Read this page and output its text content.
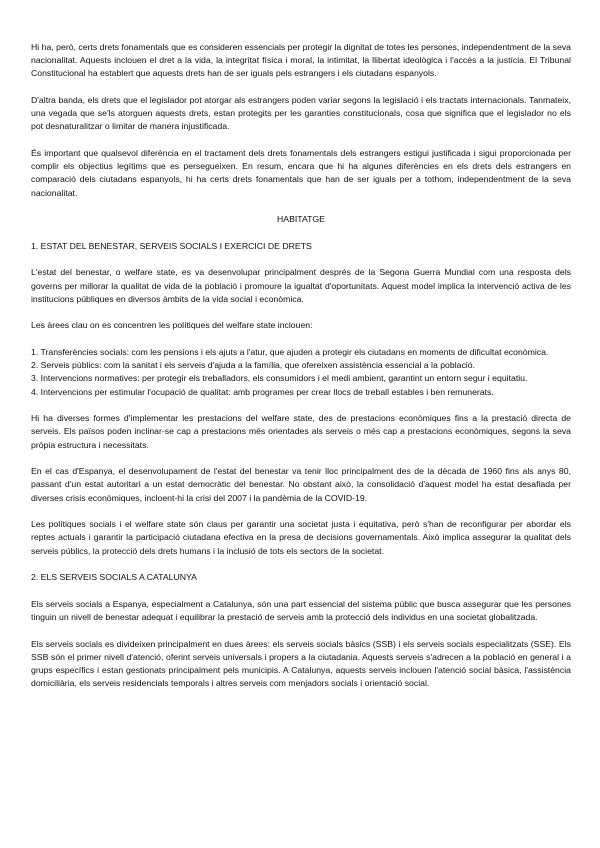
Hi ha, però, certs drets fonamentals que es consideren essencials per protegir la dignitat de totes les persones, independentment de la seva nacionalitat. Aquests inclouen el dret a la vida, la integritat física i moral, la intimitat, la llibertat ideològica i l'accés a la justícia. El Tribunal Constitucional ha establert que aquests drets han de ser iguals pels estrangers i els ciutadans espanyols.

D'altra banda, els drets que el legislador pot atorgar als estrangers poden variar segons la legislació i els tractats internacionals. Tanmateix, una vegada que se'ls atorguen aquests drets, estan protegits per les garanties constitucionals, cosa que significa que el legislador no els pot desnaturalitzar o limitar de manera injustificada.

És important que qualsevol diferència en el tractament dels drets fonamentals dels estrangers estigui justificada i sigui proporcionada per complir els objectius legítims que es persegueixen. En resum, encara que hi ha algunes diferències en els drets dels estrangers en comparació dels ciutadans espanyols, hi ha certs drets fonamentals que han de ser iguals per a tothom, independentment de la seva nacionalitat.

HABITATGE

1. ESTAT DEL BENESTAR, SERVEIS SOCIALS I EXERCICI DE DRETS

L'estat del benestar, o welfare state, es va desenvolupar principalment després de la Segona Guerra Mundial com una resposta dels governs per millorar la qualitat de vida de la població i promoure la igualtat d'oportunitats. Aquest model implica la intervenció activa de les institucions públiques en diversos àmbits de la vida social i econòmica.

Les àrees clau on es concentren les polítiques del welfare state inclouen:

1. Transferències socials: com les pensions i els ajuts a l'atur, que ajuden a protegir els ciutadans en moments de dificultat econòmica.
2. Serveis públics: com la sanitat i els serveis d'ajuda a la família, que ofereixen assistència essencial a la població.
3. Intervencions normatives: per protegir els treballadors, els consumidors i el medi ambient, garantint un entorn segur i equitatiu.
4. Intervencions per estimular l'ocupació de qualitat: amb programes per crear llocs de treball estables i ben remunerats.

Hi ha diverses formes d'implementar les prestacions del welfare state, des de prestacions econòmiques fins a la prestació directa de serveis. Els països poden inclinar-se cap a prestacions més orientades als serveis o més cap a prestacions econòmiques, segons la seva pròpia estructura i necessitats.

En el cas d'Espanya, el desenvolupament de l'estat del benestar va tenir lloc principalment des de la dècada de 1960 fins als anys 80, passant d'un estat autoritari a un estat democràtic del benestar. No obstant això, la consolidació d'aquest model ha estat desafiada per diverses crisis econòmiques, incloent-hi la crisi del 2007 i la pandèmia de la COVID-19.

Les polítiques socials i el welfare state són claus per garantir una societat justa i equitativa, però s'han de reconfigurar per abordar els reptes actuals i garantir la participació ciutadana efectiva en la presa de decisions governamentals. Això implica assegurar la qualitat dels serveis públics, la protecció dels drets humans i la inclusió de tots els sectors de la societat.

2. ELS SERVEIS SOCIALS A CATALUNYA

Els serveis socials a Espanya, especialment a Catalunya, són una part essencial del sistema públic que busca assegurar que les persones tinguin un nivell de benestar adequat i equilibrar la prestació de serveis amb la protecció dels individus en una societat globalitzada.

Els serveis socials es divideixen principalment en dues àrees: els serveis socials bàsics (SSB) i els serveis socials especialitzats (SSE). Els SSB són el primer nivell d'atenció, oferint serveis universals i propers a la ciutadania. Aquests serveis s'adrecen a la població en general i a grups específics i estan gestionats principalment pels municipis. A Catalunya, aquests serveis inclouen l'atenció social bàsica, l'assistència domiciliària, els serveis residencials temporals i altres serveis com menjadors socials i orientació social.
